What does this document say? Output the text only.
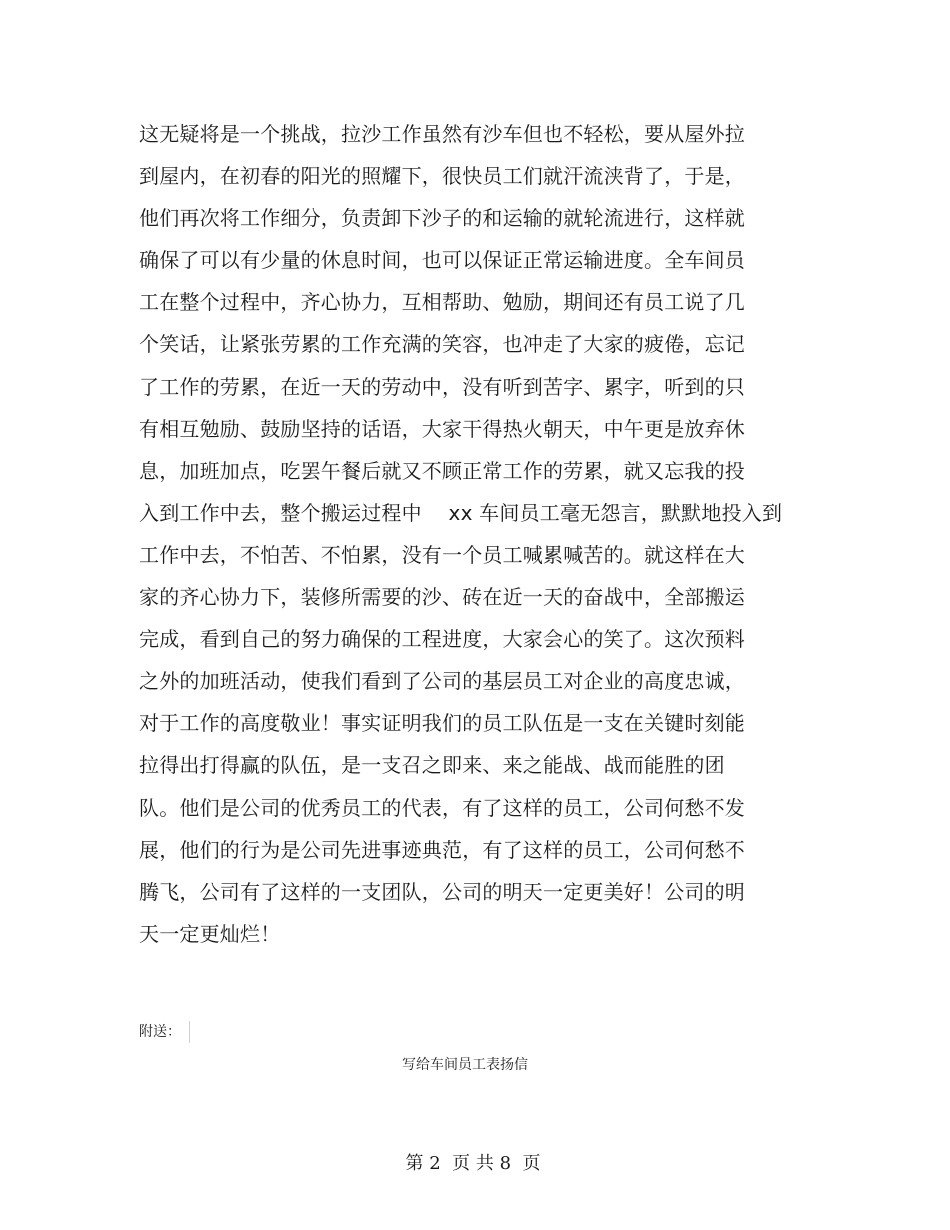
这无疑将是一个挑战，拉沙工作虽然有沙车但也不轻松，要从屋外拉
到屋内，在初春的阳光的照耀下，很快员工们就汗流浃背了，于是，
他们再次将工作细分，负责卸下沙子的和运输的就轮流进行，这样就
确保了可以有少量的休息时间，也可以保证正常运输进度。全车间员
工在整个过程中，齐心协力，互相帮助、勉励，期间还有员工说了几
个笑话，让紧张劳累的工作充满的笑容，也冲走了大家的疲倦，忘记
了工作的劳累，在近一天的劳动中，没有听到苦字、累字，听到的只
有相互勉励、鼓励坚持的话语，大家干得热火朝天，中午更是放弃休
息，加班加点，吃罢午餐后就又不顾正常工作的劳累，就又忘我的投
入到工作中去，整个搬运过程中 　xx 车间员工毫无怨言，默默地投入到
工作中去，不怕苦、不怕累，没有一个员工喊累喊苦的。就这样在大
家的齐心协力下，装修所需要的沙、砖在近一天的奋战中，全部搬运
完成，看到自己的努力确保的工程进度，大家会心的笑了。这次预料
之外的加班活动，使我们看到了公司的基层员工对企业的高度忠诚，
对于工作的高度敬业！事实证明我们的员工队伍是一支在关键时刻能
拉得出打得赢的队伍，是一支召之即来、来之能战、战而能胜的团
队。他们是公司的优秀员工的代表，有了这样的员工，公司何愁不发
展，他们的行为是公司先进事迹典范，有了这样的员工，公司何愁不
腾飞，公司有了这样的一支团队，公司的明天一定更美好！公司的明
天一定更灿烂！
附送：
写给车间员工表扬信
第 2  页 共 8  页
